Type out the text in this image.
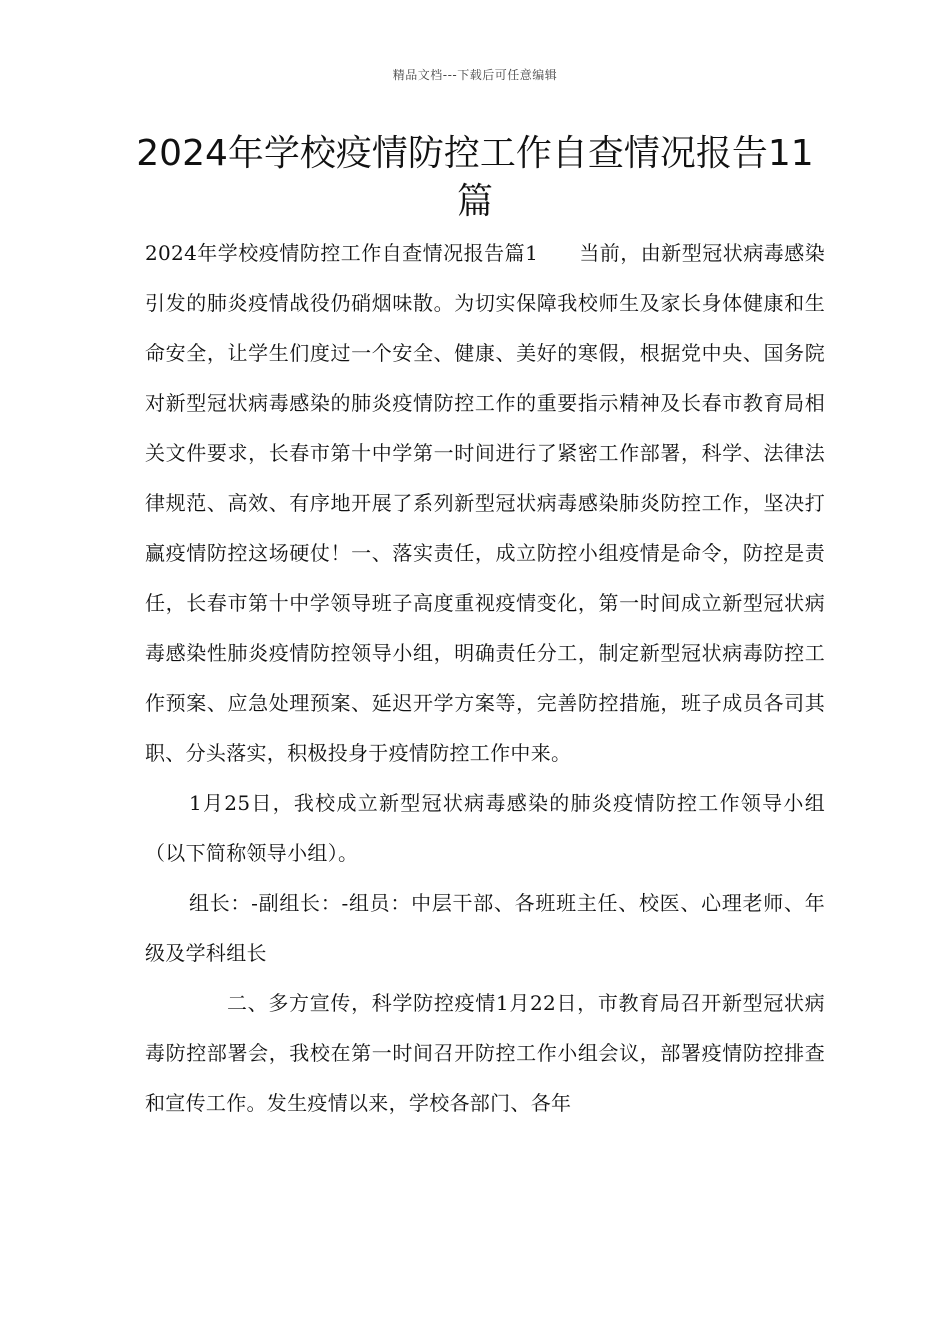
精品文档---下载后可任意编辑
2024年学校疫情防控工作自查情况报告11篇

2024年学校疫情防控工作自查情况报告篇1　　当前，由新型冠状病毒感染引发的肺炎疫情战役仍硝烟味散。为切实保障我校师生及家长身体健康和生命安全，让学生们度过一个安全、健康、美好的寒假，根据党中央、国务院对新型冠状病毒感染的肺炎疫情防控工作的重要指示精神及长春市教育局相关文件要求，长春市第十中学第一时间进行了紧密工作部署，科学、法律法律规范、高效、有序地开展了系列新型冠状病毒感染肺炎防控工作，坚决打赢疫情防控这场硬仗！一、落实责任，成立防控小组疫情是命令，防控是责任，长春市第十中学领导班子高度重视疫情变化，第一时间成立新型冠状病毒感染性肺炎疫情防控领导小组，明确责任分工，制定新型冠状病毒防控工作预案、应急处理预案、延迟开学方案等，完善防控措施，班子成员各司其职、分头落实，积极投身于疫情防控工作中来。

1月25日，我校成立新型冠状病毒感染的肺炎疫情防控工作领导小组（以下简称领导小组）。

组长：-副组长：-组员：中层干部、各班班主任、校医、心理老师、年级及学科组长

二、多方宣传，科学防控疫情1月22日，市教育局召开新型冠状病毒防控部署会，我校在第一时间召开防控工作小组会议，部署疫情防控排查和宣传工作。发生疫情以来，学校各部门、各年
